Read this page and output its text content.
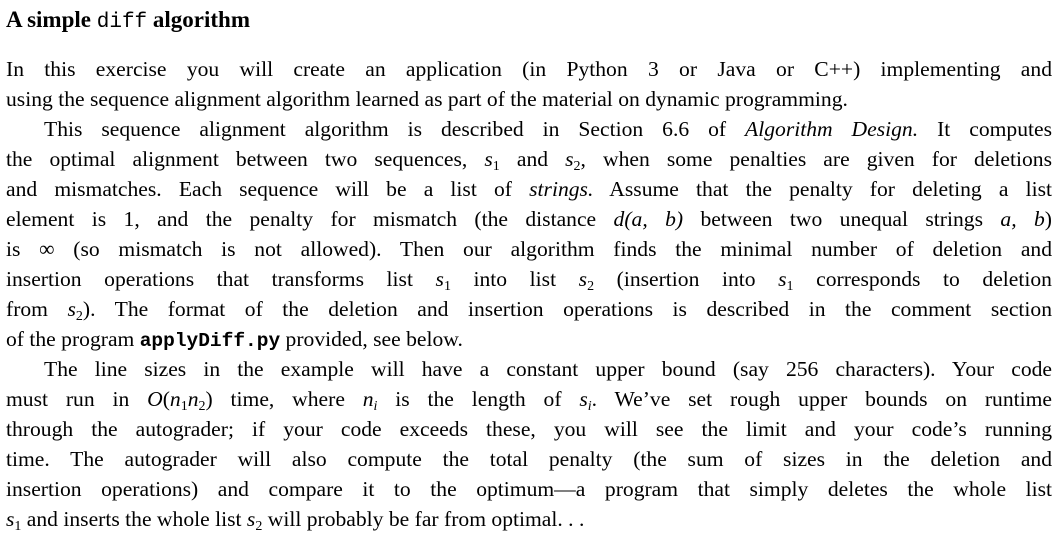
A simple diff algorithm
In this exercise you will create an application (in Python 3 or Java or C++) implementing and
using the sequence alignment algorithm learned as part of the material on dynamic programming.
This sequence alignment algorithm is described in Section 6.6 of Algorithm Design. It computes
the optimal alignment between two sequences, $s_1$ and $s_2$, when some penalties are given for deletions
and mismatches. Each sequence will be a list of strings. Assume that the penalty for deleting a list
element is 1, and the penalty for mismatch (the distance d(a, b) between two unequal strings a, b)
is ∞ (so mismatch is not allowed). Then our algorithm finds the minimal number of deletion and
insertion operations that transforms list $s_1$ into list $s_2$ (insertion into $s_1$ corresponds to deletion
from $s_2$). The format of the deletion and insertion operations is described in the comment section
of the program applyDiff.py provided, see below.
The line sizes in the example will have a constant upper bound (say 256 characters). Your code
must run in $O(n_1n_2)$ time, where $n_i$ is the length of $s_i$. We’ve set rough upper bounds on runtime
through the autograder; if your code exceeds these, you will see the limit and your code’s running
time. The autograder will also compute the total penalty (the sum of sizes in the deletion and
insertion operations) and compare it to the optimum—a program that simply deletes the whole list
$s_1$ and inserts the whole list $s_2$ will probably be far from optimal. . .
